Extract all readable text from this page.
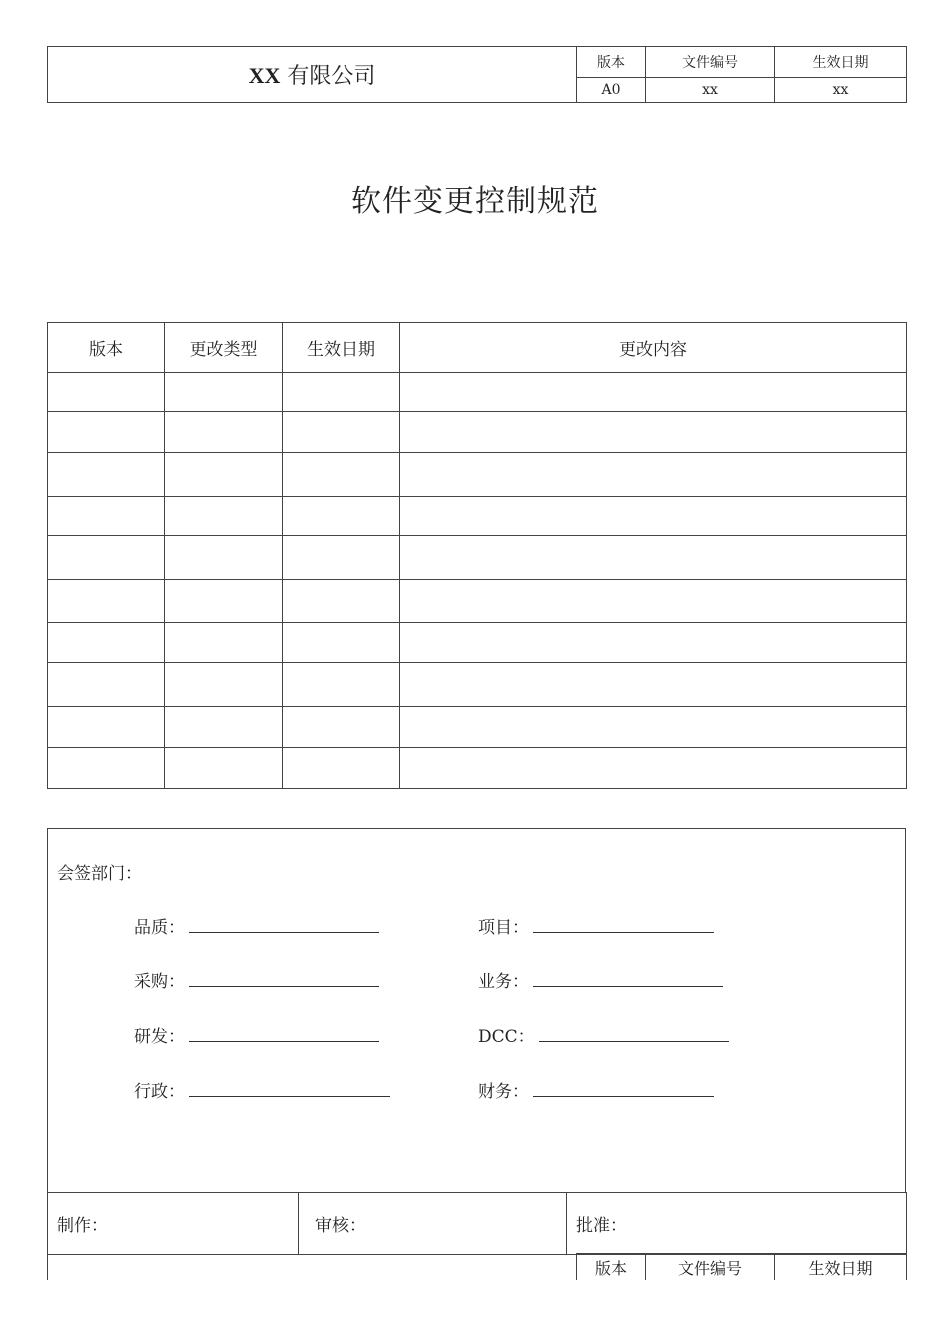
XX 有限公司	版本	文件编号	生效日期
	A0	xx	xx
软件变更控制规范
版本	更改类型	生效日期	更改内容

会签部门：
品质：	项目：
采购：	业务：
研发：	DCC：
行政：	财务：
制作：	审核：	批准：
	版本	文件编号	生效日期
